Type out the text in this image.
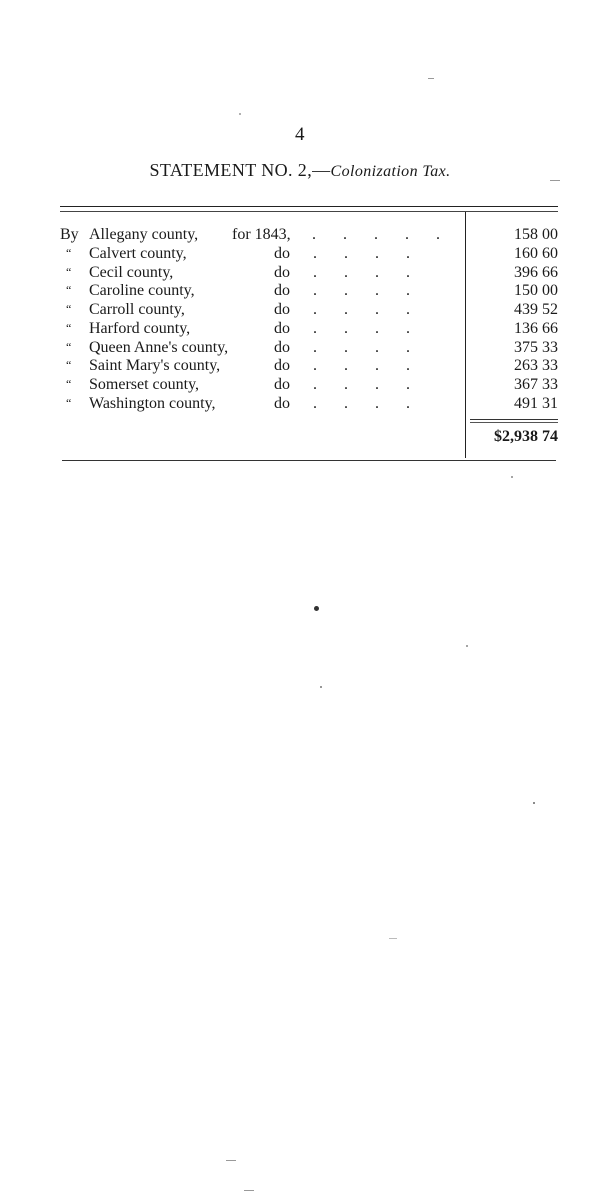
4
STATEMENT NO. 2,—Colonization Tax.
By Allegany county, for 1843, . . . . .	158 00
“	Calvert county,	do . . . .	160 60
“	Cecil county,	do . . . .	396 66
“	Caroline county,	do . . . .	150 00
“	Carroll county,	do . . . .	439 52
“	Harford county,	do . . . .	136 66
“	Queen Anne's county,	do . . . .	375 33
“	Saint Mary's county,	do . . . .	263 33
“	Somerset county,	do . . . .	367 33
“	Washington county,	do . . . .	491 31
$2,938 74
